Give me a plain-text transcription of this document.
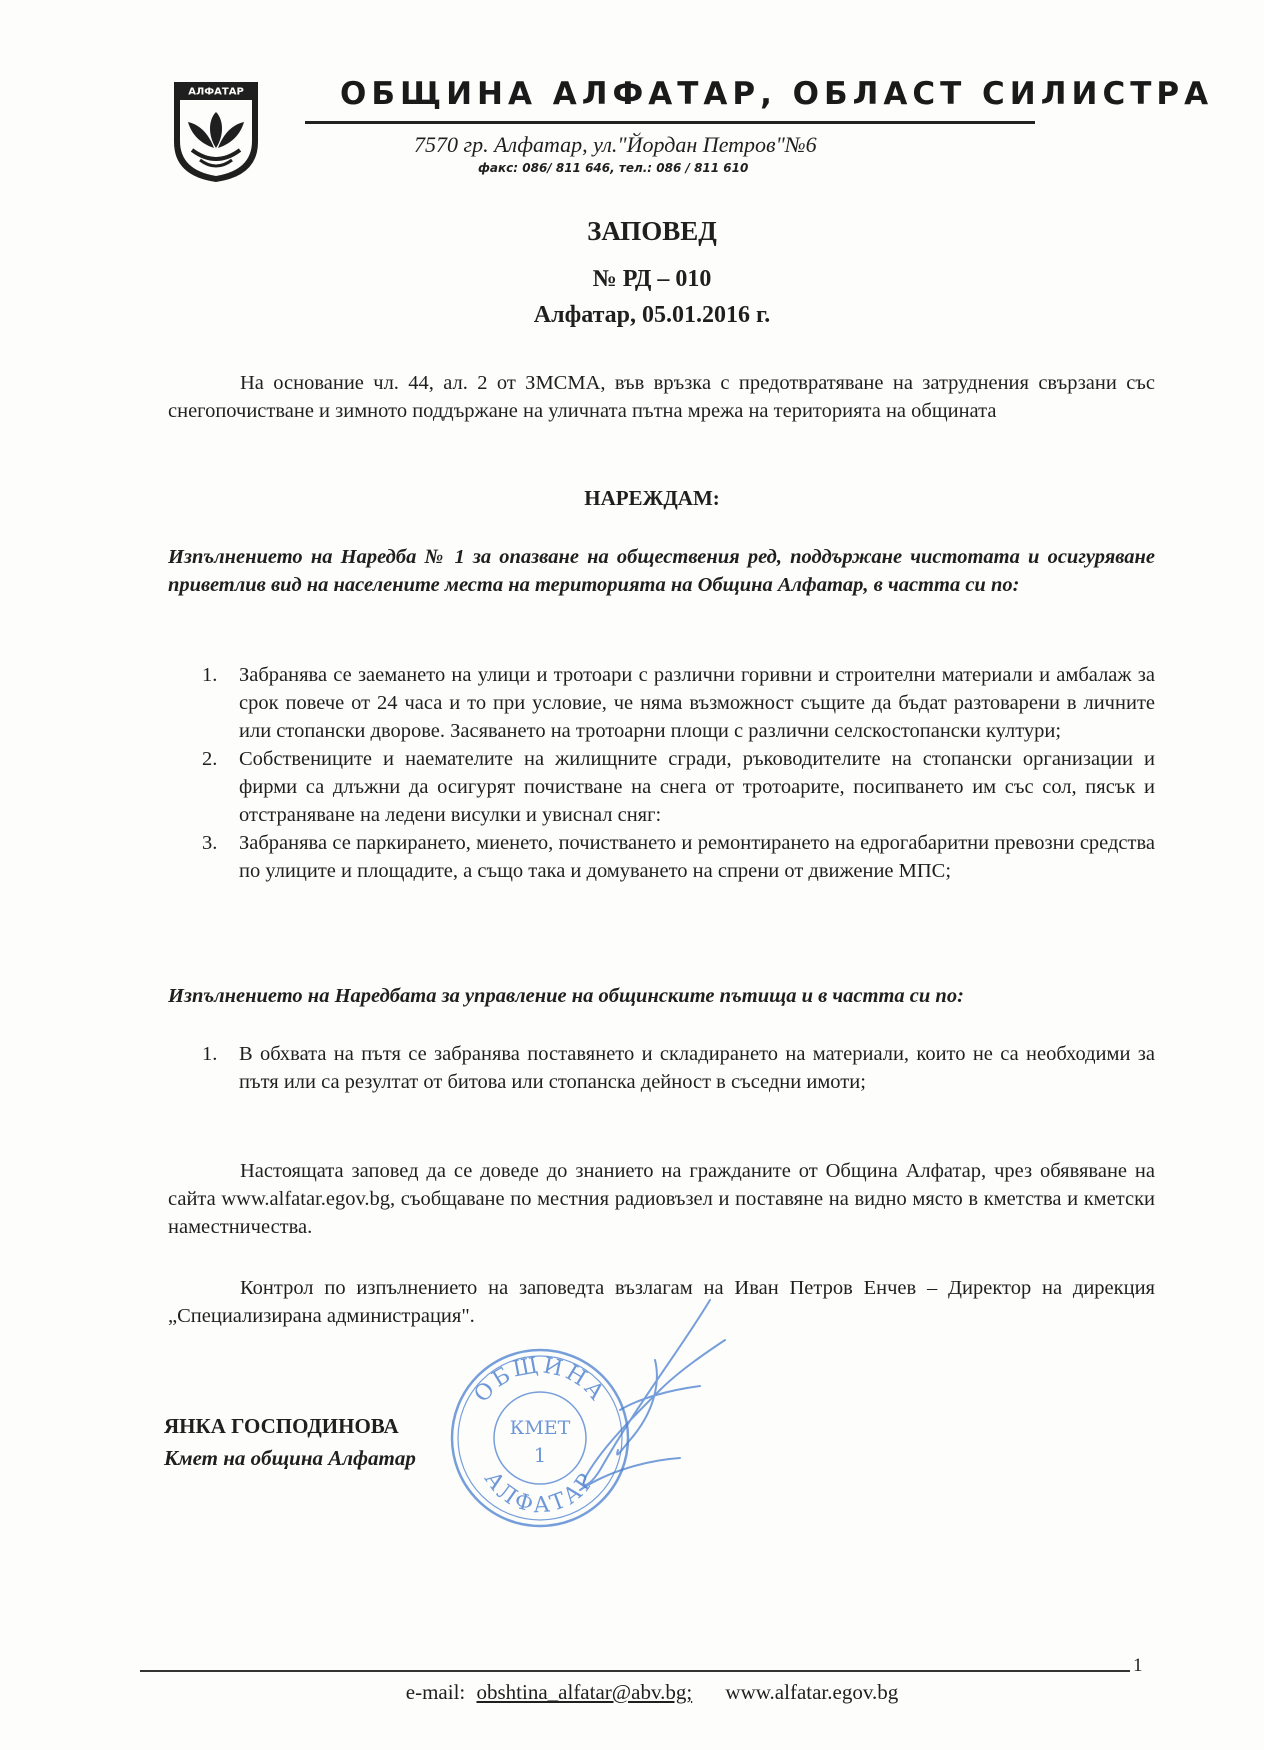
АЛФАТАР	ОБЩИНА АЛФАТАР, ОБЛАСТ СИЛИСТРА
7570 гр. Алфатар, ул."Йордан Петров"№6
факс: 086/ 811 646, тел.: 086 / 811 610
ЗАПОВЕД
№ РД – 010
Алфатар, 05.01.2016 г.
На основание чл. 44, ал. 2 от ЗМСМА, във връзка с предотвратяване на затруднения свързани със снегопочистване и зимното поддържане на уличната пътна мрежа на територията на общината
НАРЕЖДАМ:
Изпълнението на Наредба № 1 за опазване на обществения ред, поддържане чистотата и осигуряване приветлив вид на населените места на територията на Община Алфатар, в частта си по:
1. Забранява се заемането на улици и тротоари с различни горивни и строителни материали и амбалаж за срок повече от 24 часа и то при условие, че няма възможност същите да бъдат разтоварени в личните или стопански дворове. Засяването на тротоарни площи с различни селскостопански култури;
2. Собствениците и наемателите на жилищните сгради, ръководителите на стопански организации и фирми са длъжни да осигурят почистване на снега от тротоарите, посипването им със сол, пясък и отстраняване на ледени висулки и увиснал сняг:
3. Забранява се паркирането, миенето, почистването и ремонтирането на едрогабаритни превозни средства по улиците и площадите, а също така и домуването на спрени от движение МПС;
Изпълнението на Наредбата за управление на общинските пътища и в частта си по:
1. В обхвата на пътя се забранява поставянето и складирането на материали, които не са необходими за пътя или са резултат от битова или стопанска дейност в съседни имоти;
Настоящата заповед да се доведе до знанието на гражданите от Община Алфатар, чрез обявяване на сайта www.alfatar.egov.bg, съобщаване по местния радиовъзел и поставяне на видно място в кметства и кметски наместничества.
Контрол по изпълнението на заповедта възлагам на Иван Петров Енчев – Директор на дирекция „Специализирана администрация".
ЯНКА ГОСПОДИНОВА
Кмет на община Алфатар
ОБЩИНА
АЛФАТАР
КМЕТ
1
1
e-mail: obshtina_alfatar@abv.bg; www.alfatar.egov.bg
